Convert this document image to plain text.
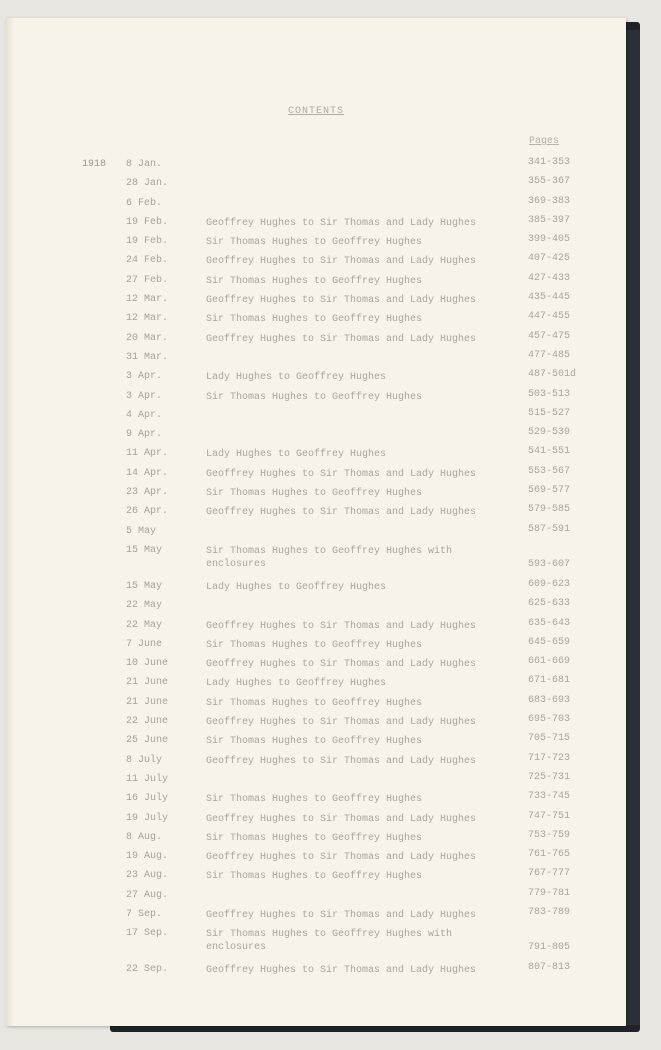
CONTENTS
Pages
1918 8 Jan.	341-353
28 Jan.	355-367
6 Feb.	369-383
19 Feb.	Geoffrey Hughes to Sir Thomas and Lady Hughes	385-397
19 Feb.	Sir Thomas Hughes to Geoffrey Hughes	399-405
24 Feb.	Geoffrey Hughes to Sir Thomas and Lady Hughes	407-425
27 Feb.	Sir Thomas Hughes to Geoffrey Hughes	427-433
12 Mar.	Geoffrey Hughes to Sir Thomas and Lady Hughes	435-445
12 Mar.	Sir Thomas Hughes to Geoffrey Hughes	447-455
20 Mar.	Geoffrey Hughes to Sir Thomas and Lady Hughes	457-475
31 Mar.	477-485
3 Apr.	Lady Hughes to Geoffrey Hughes	487-501d
3 Apr.	Sir Thomas Hughes to Geoffrey Hughes	503-513
4 Apr.	515-527
9 Apr.	529-539
11 Apr.	Lady Hughes to Geoffrey Hughes	541-551
14 Apr.	Geoffrey Hughes to Sir Thomas and Lady Hughes	553-567
23 Apr.	Sir Thomas Hughes to Geoffrey Hughes	569-577
26 Apr.	Geoffrey Hughes to Sir Thomas and Lady Hughes	579-585
5 May	587-591
15 May	Sir Thomas Hughes to Geoffrey Hughes with enclosures	593-607
15 May	Lady Hughes to Geoffrey Hughes	609-623
22 May	625-633
22 May	Geoffrey Hughes to Sir Thomas and Lady Hughes	635-643
7 June	Sir Thomas Hughes to Geoffrey Hughes	645-659
10 June	Geoffrey Hughes to Sir Thomas and Lady Hughes	661-669
21 June	Lady Hughes to Geoffrey Hughes	671-681
21 June	Sir Thomas Hughes to Geoffrey Hughes	683-693
22 June	Geoffrey Hughes to Sir Thomas and Lady Hughes	695-703
25 June	Sir Thomas Hughes to Geoffrey Hughes	705-715
8 July	Geoffrey Hughes to Sir Thomas and Lady Hughes	717-723
11 July	725-731
16 July	Sir Thomas Hughes to Geoffrey Hughes	733-745
19 July	Geoffrey Hughes to Sir Thomas and Lady Hughes	747-751
8 Aug.	Sir Thomas Hughes to Geoffrey Hughes	753-759
19 Aug.	Geoffrey Hughes to Sir Thomas and Lady Hughes	761-765
23 Aug.	Sir Thomas Hughes to Geoffrey Hughes	767-777
27 Aug.	779-781
7 Sep.	Geoffrey Hughes to Sir Thomas and Lady Hughes	783-789
17 Sep.	Sir Thomas Hughes to Geoffrey Hughes with enclosures	791-805
22 Sep.	Geoffrey Hughes to Sir Thomas and Lady Hughes	807-813
